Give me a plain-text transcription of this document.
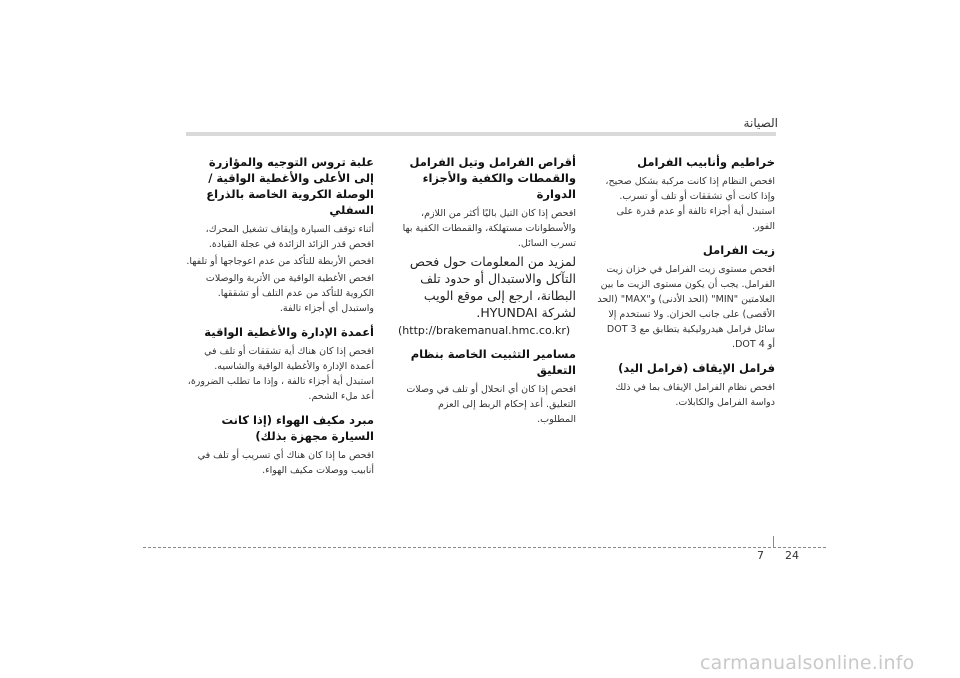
الصيانة
خراطيم وأنابيب الفرامل
افحص النظام إذا كانت مركبة بشكل صحيح، وإذا كانت أي تشققات أو تلف أو تسرب. استبدل أية أجزاء تالفة أو عدم قدرة على الفور.
زيت الفرامل
افحص مستوى زيت الفرامل في خزان زيت الفرامل. يجب أن يكون مستوى الزيت ما بين العلامتين "MIN" (الحد الأدنى) و"MAX" (الحد الأقصى) على جانب الخزان. ولا تستخدم إلا سائل فرامل هيدروليكية يتطابق مع DOT 3 أو DOT 4.
فرامل الإيقاف (فرامل اليد)
افحص نظام الفرامل الإيقاف بما في ذلك دواسة الفرامل والكابلات.
أقراص الفرامل وتيل الفرامل والقمطات والكفية والأجزاء الدوارة
افحص إذا كان التيل باليًا أكثر من اللازم، والأسطوانات مستهلكة، والقمطات الكفية بها تسرب السائل.
لمزيد من المعلومات حول فحص التآكل والاستبدال أو حدود تلف البطانة، ارجع إلى موقع الويب لشركة HYUNDAI.
(http://brakemanual.hmc.co.kr)
مسامير التثبيت الخاصة بنظام التعليق
افحص إذا كان أي انحلال أو تلف في وصلات التعليق. أعد إحكام الربط إلى العزم المطلوب.
علبة تروس التوجيه والمؤازرة إلى الأعلى والأغطية الواقية / الوصلة الكروية الخاصة بالذراع السفلي
أثناء توقف السيارة وإيقاف تشغيل المحرك، افحص قدر الزائد الزائدة في عجلة القيادة.
افحص الأربطة للتأكد من عدم اعوجاجها أو تلفها.
افحص الأغطية الواقية من الأتربة والوصلات الكروية للتأكد من عدم التلف أو تشققها. واستبدل أي أجزاء تالفة.
أعمدة الإدارة والأغطية الواقية
افحص إذا كان هناك أية تشققات أو تلف في أعمدة الإدارة والأغطية الواقية والشاسيه. استبدل أية أجزاء تالفة ، وإذا ما تطلب الضرورة، أعد ملء الشحم.
مبرد مكيف الهواء (إذا كانت السيارة مجهزة بذلك)
افحص ما إذا كان هناك أي تسريب أو تلف في أنابيب ووصلات مكيف الهواء.
7 24
carmanualsonline.info
